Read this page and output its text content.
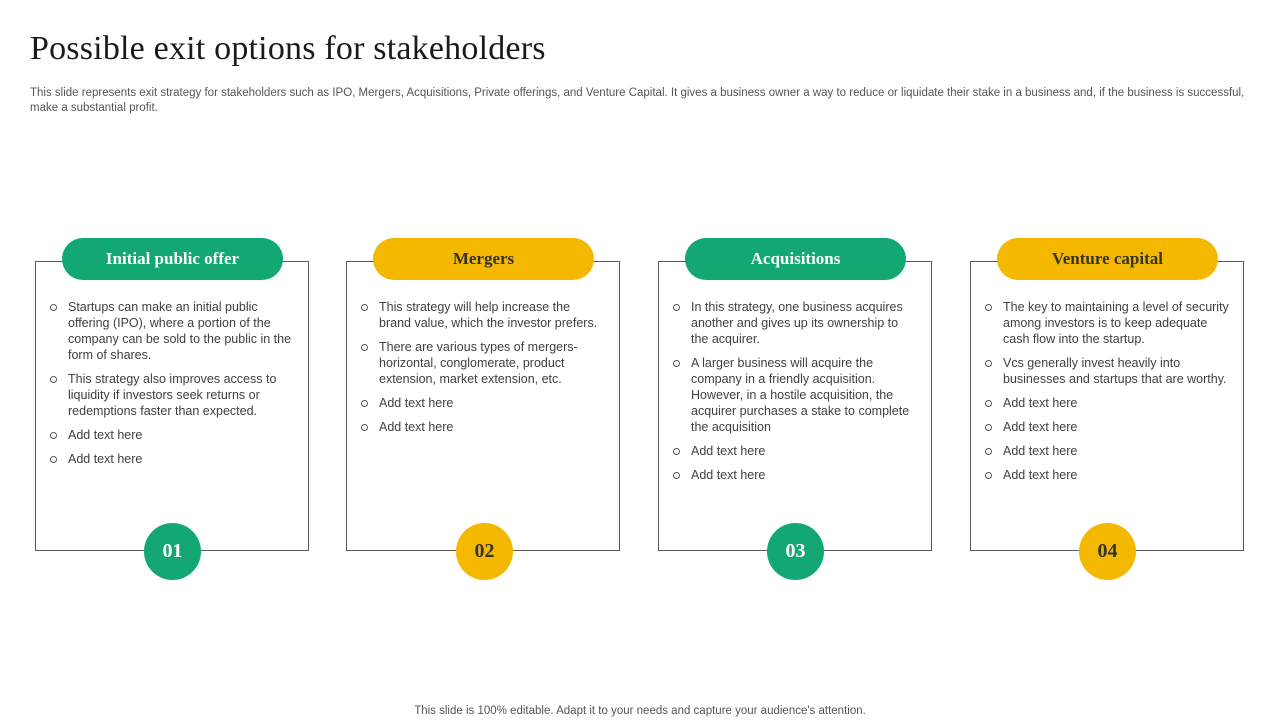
Possible exit options for stakeholders

This slide represents exit strategy for stakeholders such as IPO, Mergers, Acquisitions, Private offerings, and Venture Capital. It gives a business owner a way to reduce or liquidate their stake in a business and, if the business is successful, make a substantial profit.

Startups can make an initial public offering (IPO), where a portion of the company can be sold to the public in the form of shares.
This strategy also improves access to liquidity if investors seek returns or redemptions faster than expected.
Add text here
Add text here
Initial public offer
01
This strategy will help increase the brand value, which the investor prefers.
There are various types of mergers- horizontal, conglomerate, product extension, market extension, etc.
Add text here
Add text here
Mergers
02
In this strategy, one business acquires another and gives up its ownership to the acquirer.
A larger business will acquire the company in a friendly acquisition. However, in a hostile acquisition, the acquirer purchases a stake to complete the acquisition
Add text here
Add text here
Acquisitions
03
The key to maintaining a level of security among investors is to keep adequate cash flow into the startup.
Vcs generally invest heavily into businesses and startups that are worthy.
Add text here
Add text here
Add text here
Add text here
Venture capital
04

This slide is 100% editable. Adapt it to your needs and capture your audience's attention.
